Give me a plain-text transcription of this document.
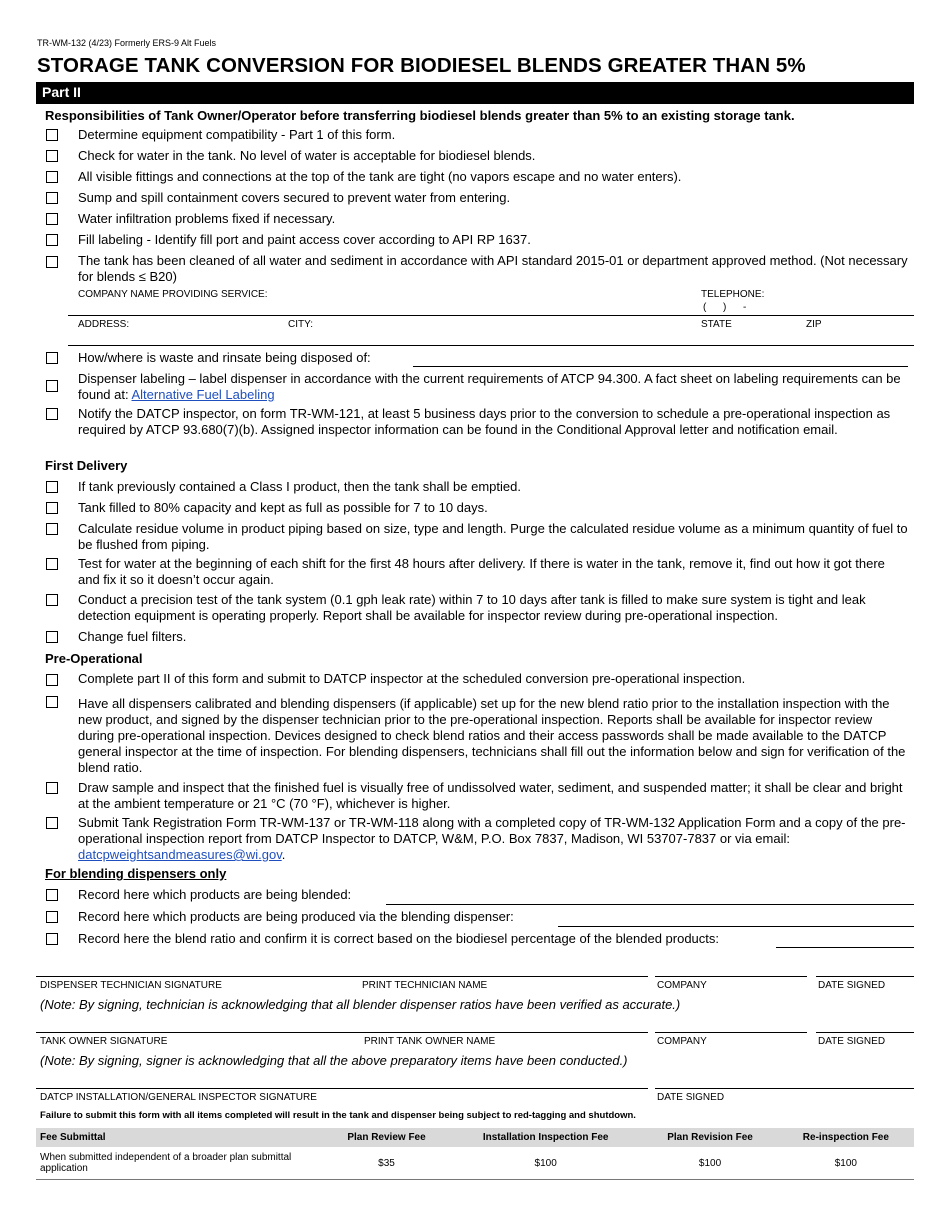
TR-WM-132 (4/23) Formerly ERS-9 Alt Fuels
STORAGE TANK CONVERSION FOR BIODIESEL BLENDS GREATER THAN 5%
Part II
Responsibilities of Tank Owner/Operator before transferring biodiesel blends greater than 5% to an existing storage tank.
Determine equipment compatibility - Part 1 of this form.
Check for water in the tank. No level of water is acceptable for biodiesel blends.
All visible fittings and connections at the top of the tank are tight (no vapors escape and no water enters).
Sump and spill containment covers secured to prevent water from entering.
Water infiltration problems fixed if necessary.
Fill labeling - Identify fill port and paint access cover according to API RP 1637.
The tank has been cleaned of all water and sediment in accordance with API standard 2015-01 or department approved method. (Not necessary for blends ≤ B20)
COMPANY NAME PROVIDING SERVICE:	TELEPHONE:
(      )      -
ADDRESS:	CITY:	STATE	ZIP
How/where is waste and rinsate being disposed of:
Dispenser labeling – label dispenser in accordance with the current requirements of ATCP 94.300. A fact sheet on labeling requirements can be found at: Alternative Fuel Labeling
Notify the DATCP inspector, on form TR-WM-121, at least 5 business days prior to the conversion to schedule a pre-operational inspection as required by ATCP 93.680(7)(b). Assigned inspector information can be found in the Conditional Approval letter and notification email.
First Delivery
If tank previously contained a Class I product, then the tank shall be emptied.
Tank filled to 80% capacity and kept as full as possible for 7 to 10 days.
Calculate residue volume in product piping based on size, type and length. Purge the calculated residue volume as a minimum quantity of fuel to be flushed from piping.
Test for water at the beginning of each shift for the first 48 hours after delivery. If there is water in the tank, remove it, find out how it got there and fix it so it doesn’t occur again.
Conduct a precision test of the tank system (0.1 gph leak rate) within 7 to 10 days after tank is filled to make sure system is tight and leak detection equipment is operating properly. Report shall be available for inspector review during pre-operational inspection.
Change fuel filters.
Pre-Operational
Complete part II of this form and submit to DATCP inspector at the scheduled conversion pre-operational inspection.
Have all dispensers calibrated and blending dispensers (if applicable) set up for the new blend ratio prior to the installation inspection with the new product, and signed by the dispenser technician prior to the pre-operational inspection. Reports shall be available for inspector review during pre-operational inspection. Devices designed to check blend ratios and their access passwords shall be made available to the DATCP general inspector at the time of inspection. For blending dispensers, technicians shall fill out the information below and sign for verification of the blend ratio.
Draw sample and inspect that the finished fuel is visually free of undissolved water, sediment, and suspended matter; it shall be clear and bright at the ambient temperature or 21 °C (70 °F), whichever is higher.
Submit Tank Registration Form TR-WM-137 or TR-WM-118 along with a completed copy of TR-WM-132 Application Form and a copy of the pre-operational inspection report from DATCP Inspector to DATCP, W&M, P.O. Box 7837, Madison, WI 53707-7837 or via email: datcpweightsandmeasures@wi.gov.
For blending dispensers only
Record here which products are being blended:
Record here which products are being produced via the blending dispenser:
Record here the blend ratio and confirm it is correct based on the biodiesel percentage of the blended products:
DISPENSER TECHNICIAN SIGNATURE	PRINT TECHNICIAN NAME	COMPANY	DATE SIGNED
(Note: By signing, technician is acknowledging that all blender dispenser ratios have been verified as accurate.)
TANK OWNER SIGNATURE	PRINT TANK OWNER NAME	COMPANY	DATE SIGNED
(Note: By signing, signer is acknowledging that all the above preparatory items have been conducted.)
DATCP INSTALLATION/GENERAL INSPECTOR SIGNATURE	DATE SIGNED
Failure to submit this form with all items completed will result in the tank and dispenser being subject to red-tagging and shutdown.
Fee Submittal	Plan Review Fee	Installation Inspection Fee	Plan Revision Fee	Re-inspection Fee
When submitted independent of a broader plan submittal application	$35	$100	$100	$100
